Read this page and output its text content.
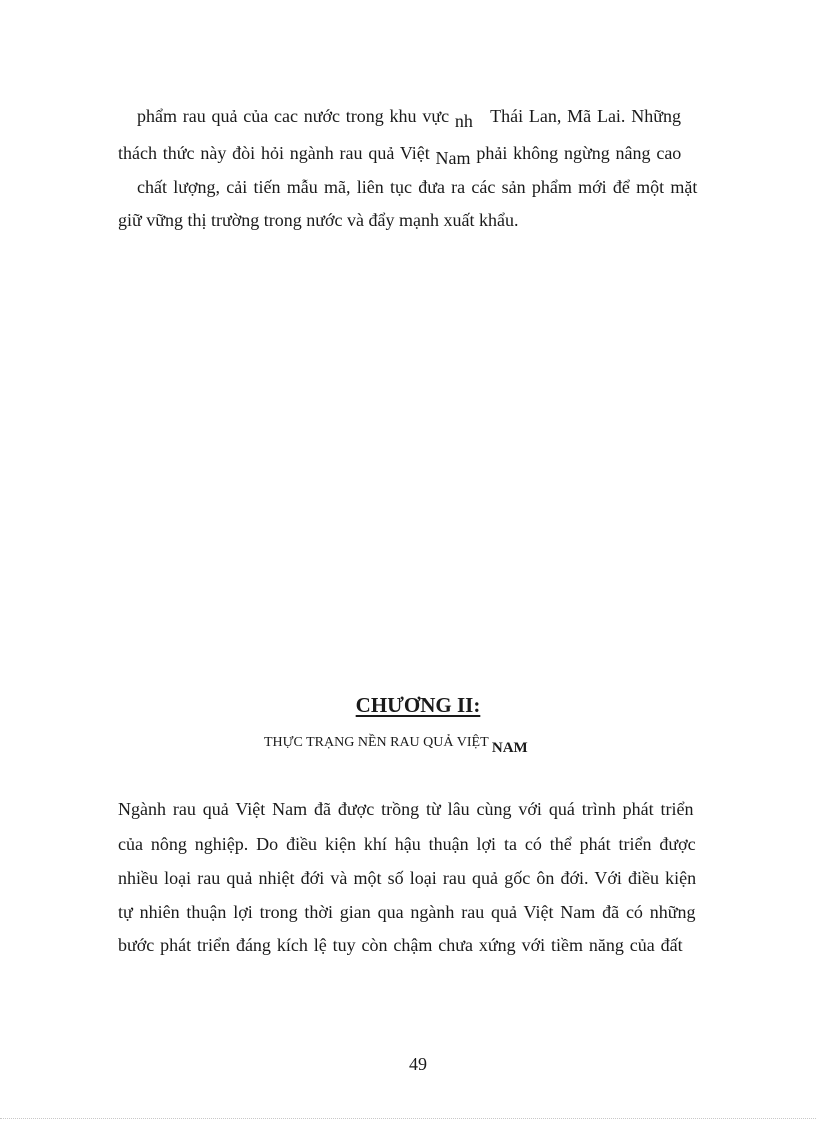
phẩm rau quả của cac nước trong khu vực nh Thái Lan, Mã Lai. Những
thách thức này đòi hỏi ngành rau quả Việt Nam phải không ngừng nâng cao
chất lượng, cải tiến mẫu mã, liên tục đưa ra các sản phẩm mới để một mặt
giữ vững thị trường trong nước và đẩy mạnh xuất khẩu.
CHƯƠNG II:
THỰC TRẠNG NỀN RAU QUẢ VIỆT NAM
Ngành rau quả Việt Nam đã được trồng từ lâu cùng với quá trình phát triển
của nông nghiệp. Do điều kiện khí hậu thuận lợi ta có thể phát triển được
nhiều loại rau quả nhiệt đới và một số loại rau quả gốc ôn đới. Với điều kiện
tự nhiên thuận lợi trong thời gian qua ngành rau quả Việt Nam đã có những
bước phát triển đáng kích lệ tuy còn chậm chưa xứng với tiềm năng của đất
49
